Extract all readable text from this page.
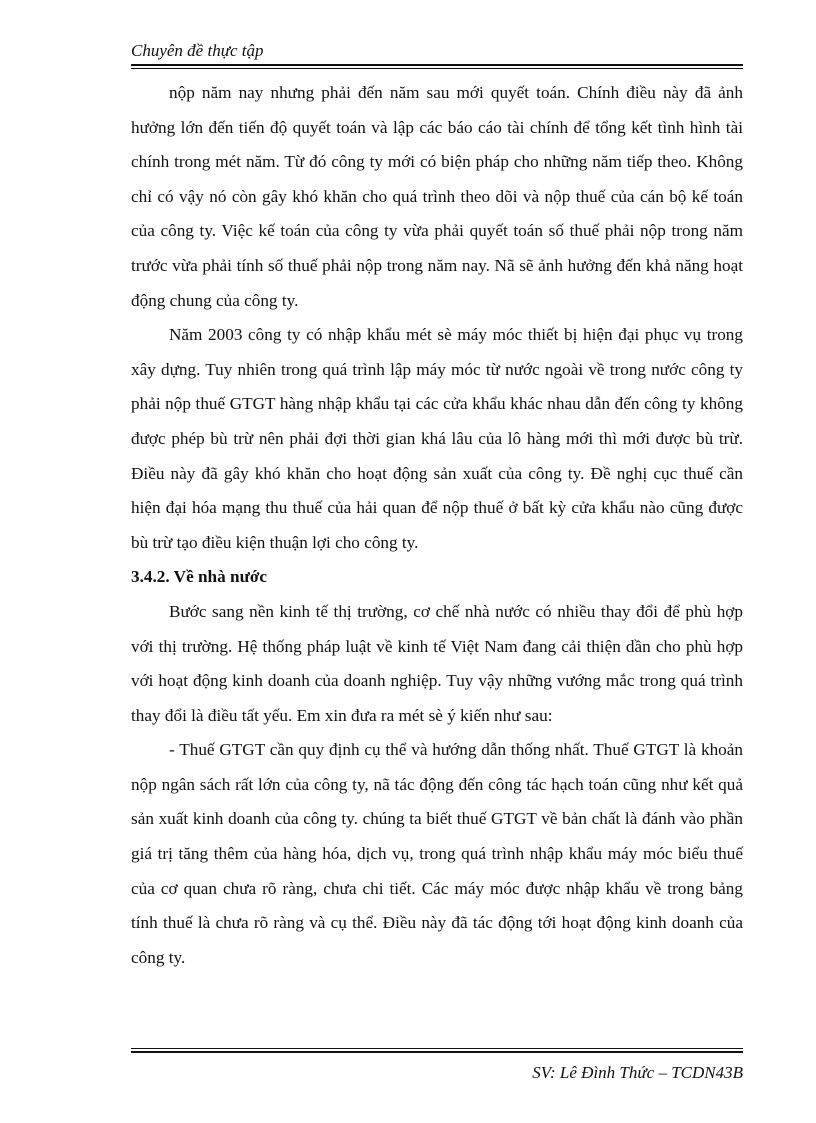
Chuyên đề thực tập

nộp năm nay nhưng phải đến năm sau mới quyết toán. Chính điều này đã ảnh hưởng lớn đến tiến độ quyết toán và lập các báo cáo tài chính để tổng kết tình hình tài chính trong mét năm. Từ đó công ty mới có biện pháp cho những năm tiếp theo. Không chỉ có vậy nó còn gây khó khăn cho quá trình theo dõi và nộp thuế của cán bộ kế toán của công ty. Việc kế toán của công ty vừa phải quyết toán số thuế phải nộp trong năm trước vừa phải tính số thuế phải nộp trong năm nay. Nã sẽ ảnh hưởng đến khả năng hoạt động chung của công ty.

Năm 2003 công ty có nhập khẩu mét sè máy móc thiết bị hiện đại phục vụ trong xây dựng. Tuy nhiên trong quá trình lập máy móc từ nước ngoài về trong nước công ty phải nộp thuế GTGT hàng nhập khẩu tại các cửa khẩu khác nhau dẫn đến công ty không được phép bù trừ nên phải đợi thời gian khá lâu của lô hàng mới thì mới được bù trừ. Điều này đã gây khó khăn cho hoạt động sản xuất của công ty. Đề nghị cục thuế cần hiện đại hóa mạng thu thuế của hải quan để nộp thuế ở bất kỳ cửa khẩu nào cũng được bù trừ tạo điều kiện thuận lợi cho công ty.

3.4.2. Về nhà nước

Bước sang nền kinh tế thị trường, cơ chế nhà nước có nhiều thay đổi để phù hợp với thị trường. Hệ thống pháp luật về kinh tế Việt Nam đang cải thiện dần cho phù hợp với hoạt động kinh doanh của doanh nghiệp. Tuy vậy những vướng mắc trong quá trình thay đổi là điều tất yếu. Em xin đưa ra mét sè ý kiến như sau:

- Thuế GTGT cần quy định cụ thể và hướng dẫn thống nhất. Thuế GTGT là khoản nộp ngân sách rất lớn của công ty, nã tác động đến công tác hạch toán cũng như kết quả sản xuất kinh doanh của công ty. chúng ta biết thuế GTGT về bản chất là đánh vào phần giá trị tăng thêm của hàng hóa, dịch vụ, trong quá trình nhập khẩu máy móc biểu thuế của cơ quan chưa rõ ràng, chưa chi tiết. Các máy móc được nhập khẩu về trong bảng tính thuế là chưa rõ ràng và cụ thể. Điều này đã tác động tới hoạt động kinh doanh của công ty.

SV: Lê Đình Thức – TCDN43B
